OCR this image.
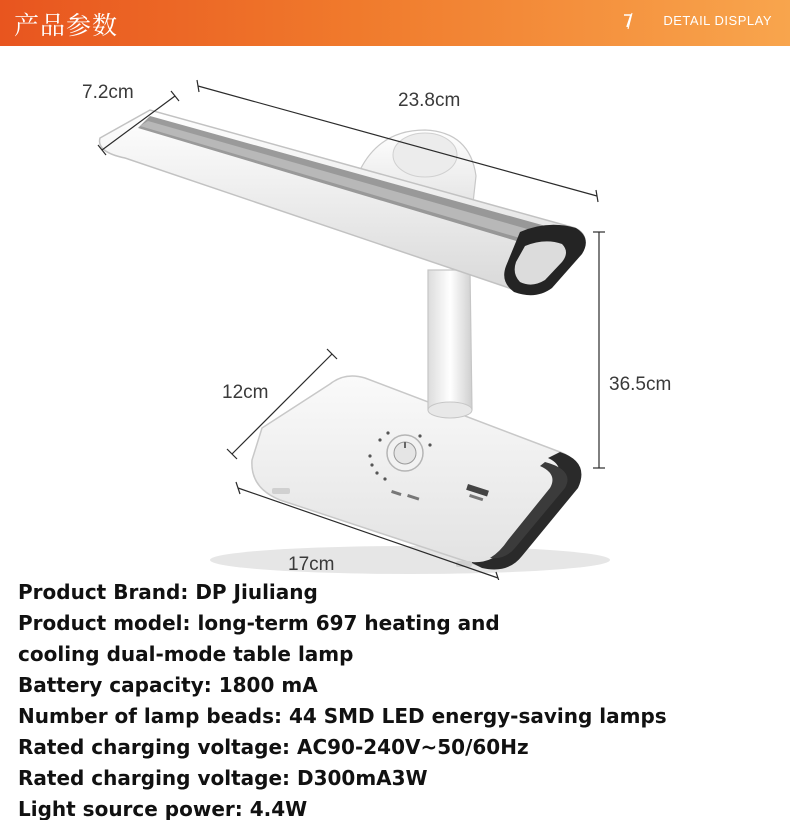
产品参数	DETAIL DISPLAY
7.2cm	23.8cm
36.5cm
12cm
17cm
Product Brand: DP Jiuliang
Product model: long-term 697 heating and
cooling dual-mode table lamp
Battery capacity: 1800 mA
Number of lamp beads: 44 SMD LED energy-saving lamps
Rated charging voltage: AC90-240V~50/60Hz
Rated charging voltage: D300mA3W
Light source power: 4.4W
